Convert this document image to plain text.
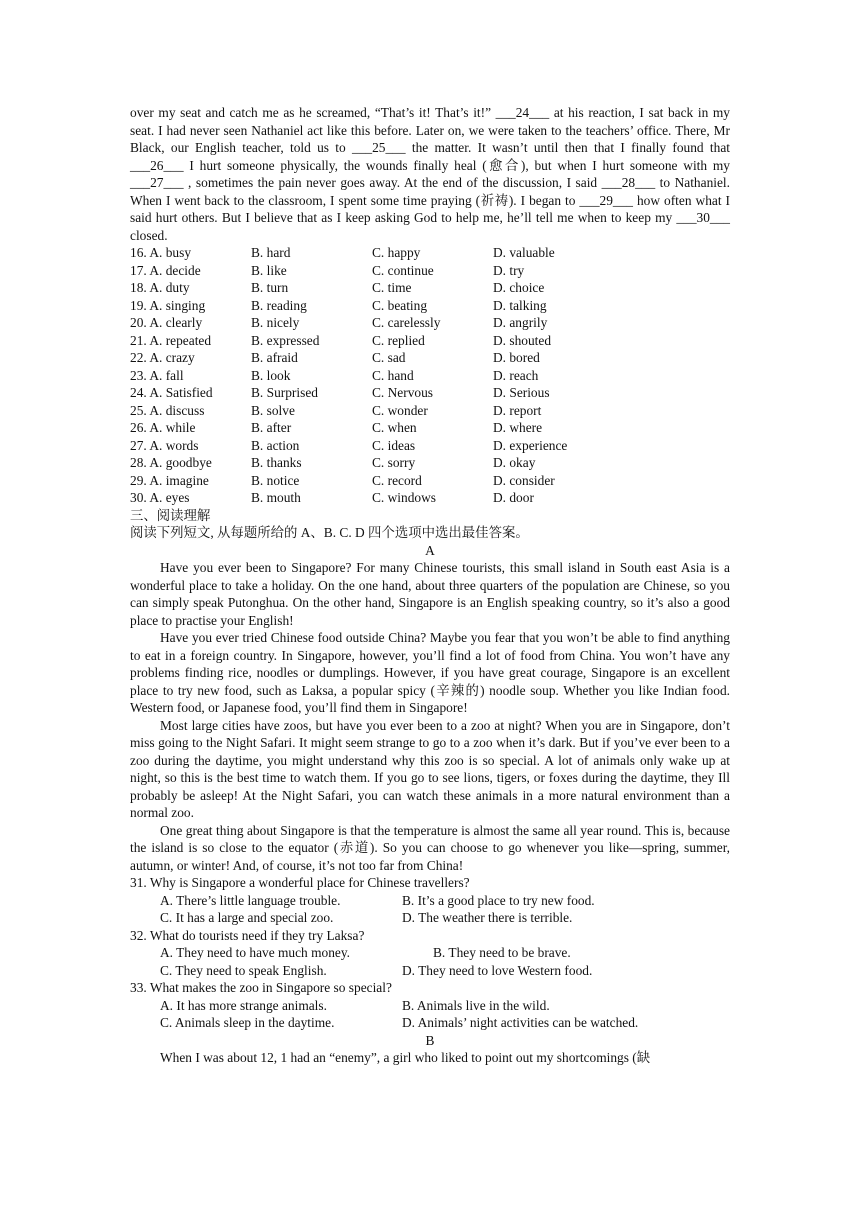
over my seat and catch me as he screamed, “That’s it! That’s it!” ___24___ at his reaction, I sat back in my seat. I had never seen Nathaniel act like this before. Later on, we were taken to the teachers’ office. There, Mr Black, our English teacher, told us to ___25___ the matter. It wasn’t until then that I finally found that ___26___ I hurt someone physically, the wounds finally heal (愈合), but when I hurt someone with my ___27___ , sometimes the pain never goes away. At the end of the discussion, I said ___28___ to Nathaniel. When I went back to the classroom, I spent some time praying (祈祷). I began to ___29___ how often what I said hurt others. But I believe that as I keep asking God to help me, he’ll tell me when to keep my ___30___ closed.

16. A. busy	B. hard	C. happy	D. valuable
17. A. decide	B. like	C. continue	D. try
18. A. duty	B. turn	C. time	D. choice
19. A. singing	B. reading	C. beating	D. talking
20. A. clearly	B. nicely	C. carelessly	D. angrily
21. A. repeated	B. expressed	C. replied	D. shouted
22. A. crazy	B. afraid	C. sad	D. bored
23. A. fall	B. look	C. hand	D. reach
24. A. Satisfied	B. Surprised	C. Nervous	D. Serious
25. A. discuss	B. solve	C. wonder	D. report
26. A. while	B. after	C. when	D. where
27. A. words	B. action	C. ideas	D. experience
28. A. goodbye	B. thanks	C. sorry	D. okay
29. A. imagine	B. notice	C. record	D. consider
30. A. eyes	B. mouth	C. windows	D. door

三、阅读理解

阅读下列短文, 从每题所给的 A、B. C. D 四个选项中选出最佳答案。

A

Have you ever been to Singapore? For many Chinese tourists, this small island in South east Asia is a wonderful place to take a holiday. On the one hand, about three quarters of the population are Chinese, so you can simply speak Putonghua. On the other hand, Singapore is an English speaking country, so it’s also a good place to practise your English!

Have you ever tried Chinese food outside China? Maybe you fear that you won’t be able to find anything to eat in a foreign country. In Singapore, however, you’ll find a lot of food from China. You won’t have any problems finding rice, noodles or dumplings. However, if you have great courage, Singapore is an excellent place to try new food, such as Laksa, a popular spicy (辛辣的) noodle soup. Whether you like Indian food. Western food, or Japanese food, you’ll find them in Singapore!

Most large cities have zoos, but have you ever been to a zoo at night? When you are in Singapore, don’t miss going to the Night Safari. It might seem strange to go to a zoo when it’s dark. But if you’ve ever been to a zoo during the daytime, you might understand why this zoo is so special. A lot of animals only wake up at night, so this is the best time to watch them. If you go to see lions, tigers, or foxes during the daytime, they Ill probably be asleep! At the Night Safari, you can watch these animals in a more natural environment than a normal zoo.

One great thing about Singapore is that the temperature is almost the same all year round. This is, because the island is so close to the equator (赤道). So you can choose to go whenever you like—spring, summer, autumn, or winter! And, of course, it’s not too far from China!

31. Why is Singapore a wonderful place for Chinese travellers?

A. There’s little language trouble.	B. It’s a good place to try new food.
C. It has a large and special zoo.	D. The weather there is terrible.

32. What do tourists need if they try Laksa?

A. They need to have much money.	B. They need to be brave.
C. They need to speak English.	D. They need to love Western food.

33. What makes the zoo in Singapore so special?

A. It has more strange animals.	B. Animals live in the wild.
C. Animals sleep in the daytime.	D. Animals’ night activities can be watched.

B

When I was about 12, 1 had an “enemy”, a girl who liked to point out my shortcomings (缺
